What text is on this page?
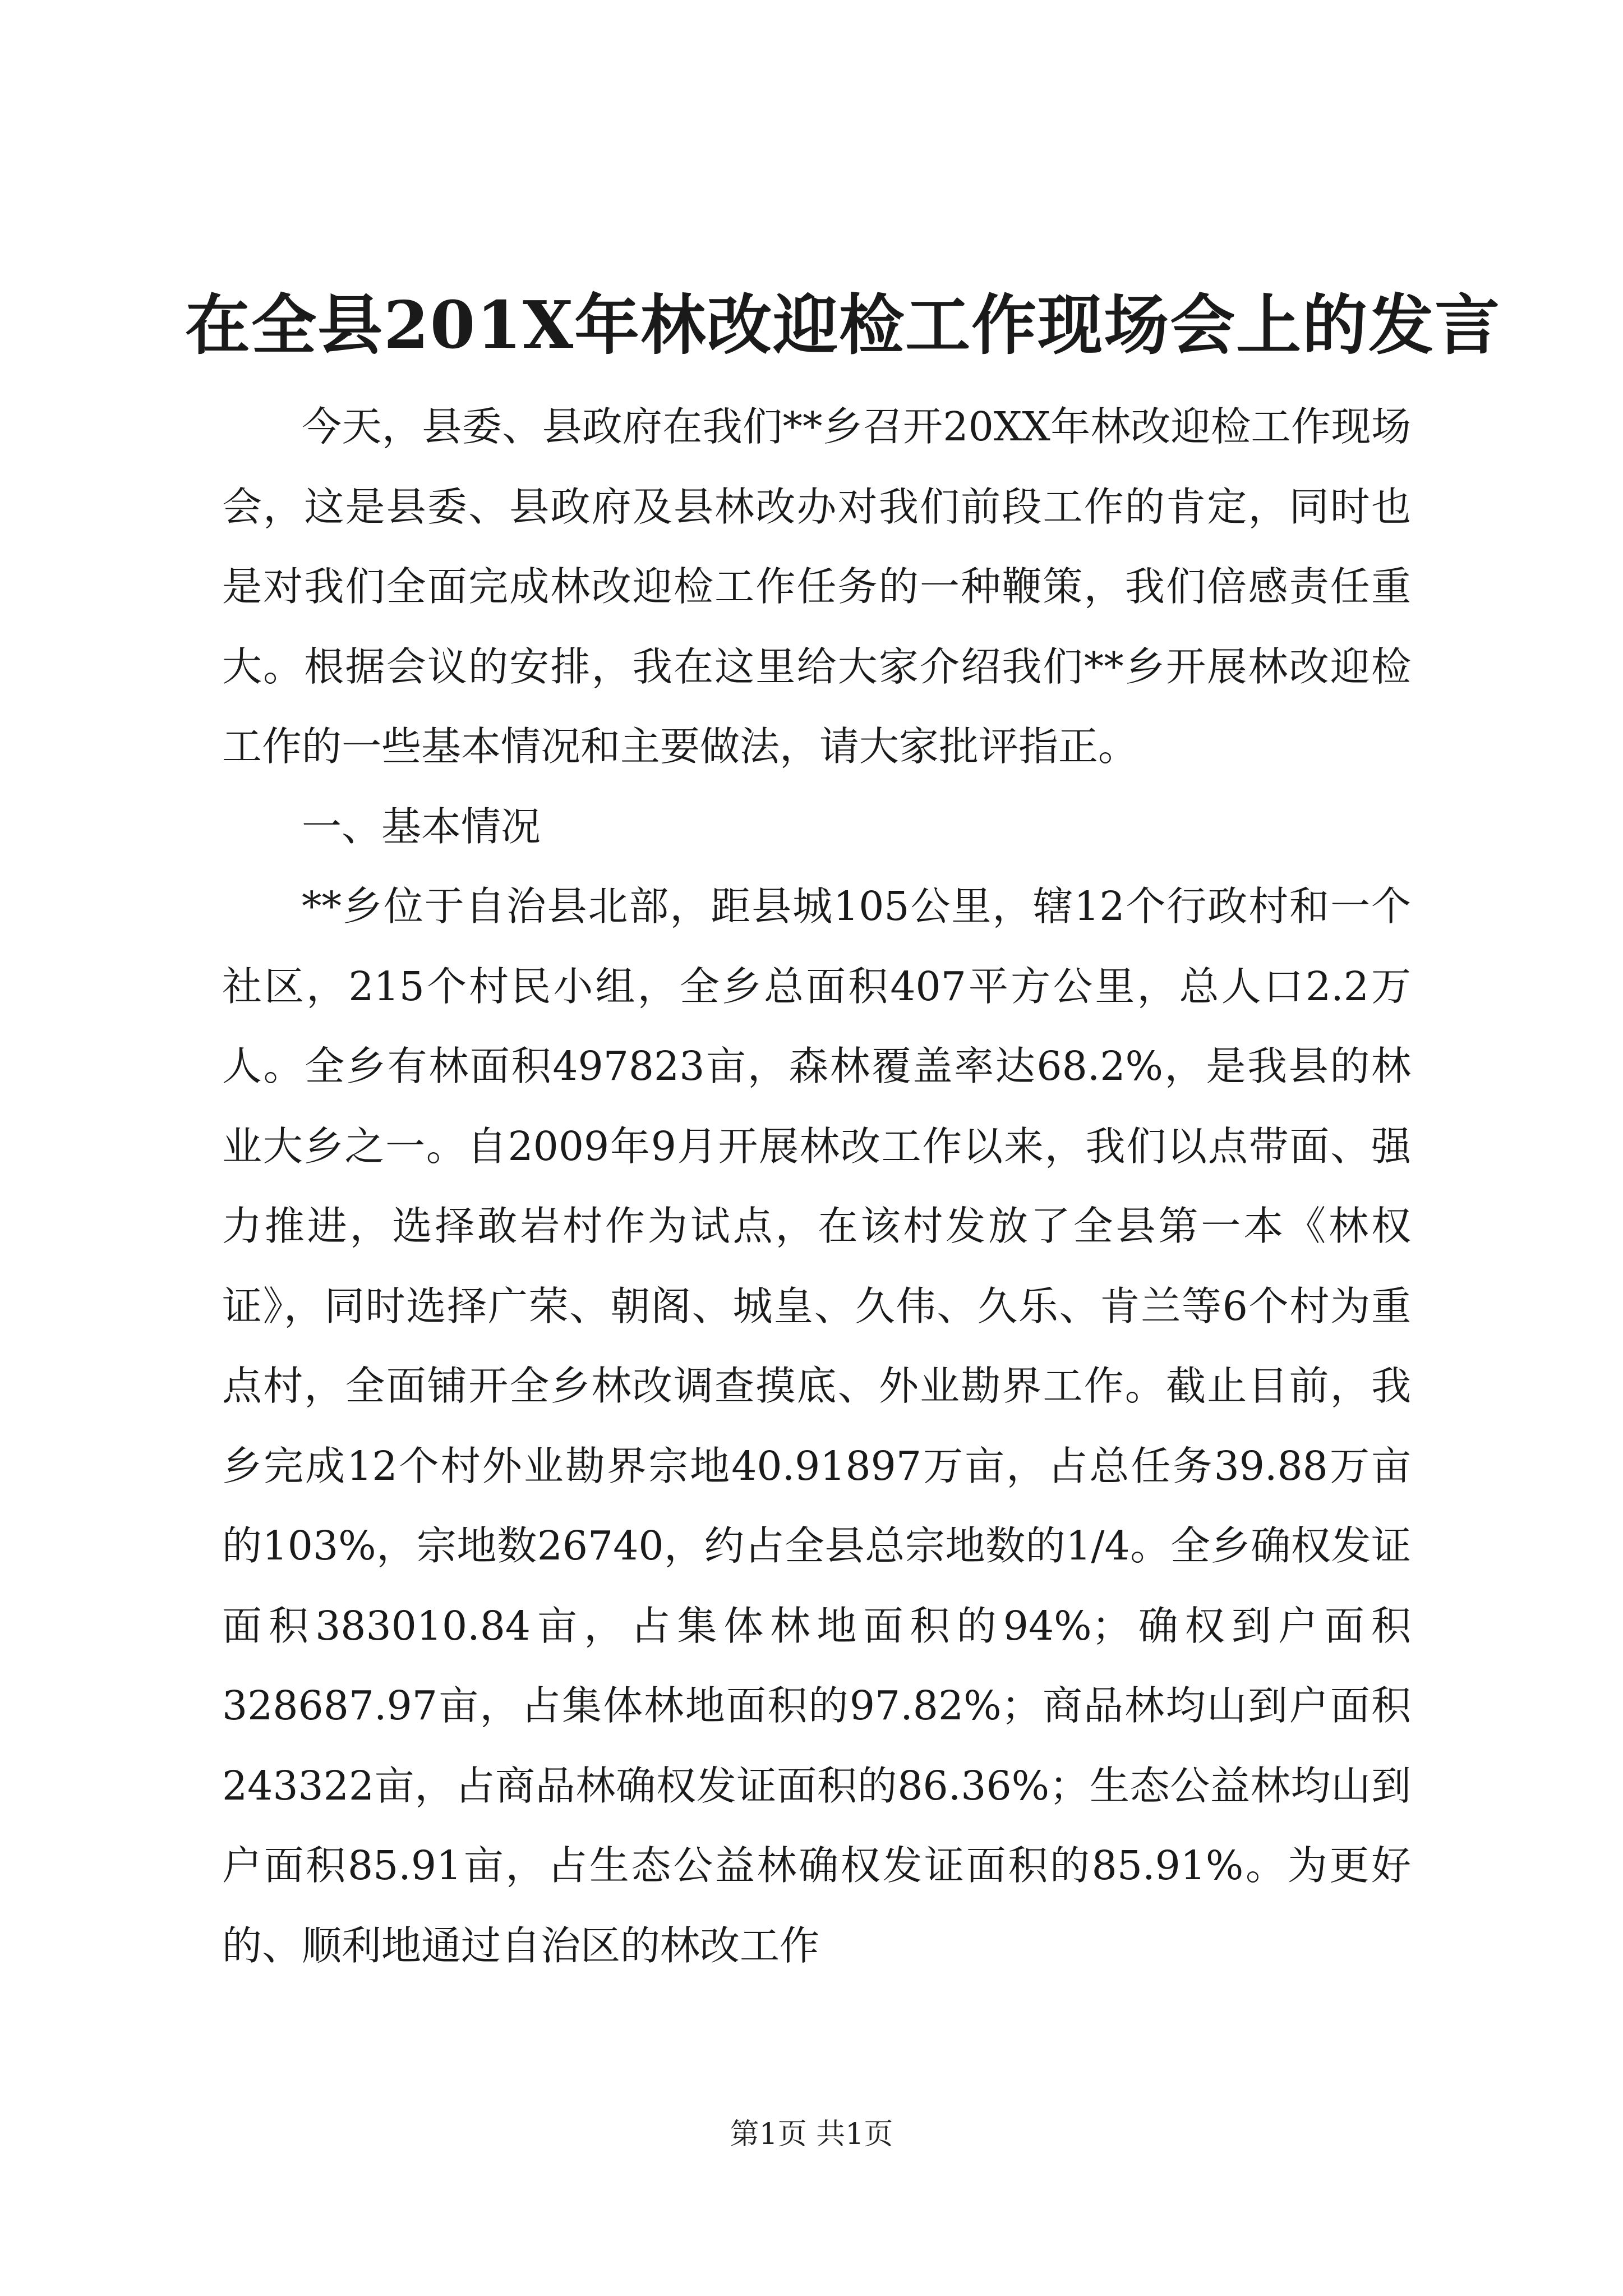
在全县201X年林改迎检工作现场会上的发言

今天，县委、县政府在我们**乡召开20XX年林改迎检工作现场会，这是县委、县政府及县林改办对我们前段工作的肯定，同时也是对我们全面完成林改迎检工作任务的一种鞭策，我们倍感责任重大。根据会议的安排，我在这里给大家介绍我们**乡开展林改迎检工作的一些基本情况和主要做法，请大家批评指正。

一、基本情况

**乡位于自治县北部，距县城105公里，辖12个行政村和一个社区，215个村民小组，全乡总面积407平方公里，总人口2.2万人。全乡有林面积497823亩，森林覆盖率达68.2%，是我县的林业大乡之一。自2009年9月开展林改工作以来，我们以点带面、强力推进，选择敢岩村作为试点，在该村发放了全县第一本《林权证》，同时选择广荣、朝阁、城皇、久伟、久乐、肯兰等6个村为重点村，全面铺开全乡林改调查摸底、外业勘界工作。截止目前，我乡完成12个村外业勘界宗地40.91897万亩，占总任务39.88万亩的103%，宗地数26740，约占全县总宗地数的1/4。全乡确权发证面积383010.84亩，占集体林地面积的94%；确权到户面积328687.97亩，占集体林地面积的97.82%；商品林均山到户面积243322亩，占商品林确权发证面积的86.36%；生态公益林均山到户面积85.91亩，占生态公益林确权发证面积的85.91%。为更好的、顺利地通过自治区的林改工作

第1页 共1页
